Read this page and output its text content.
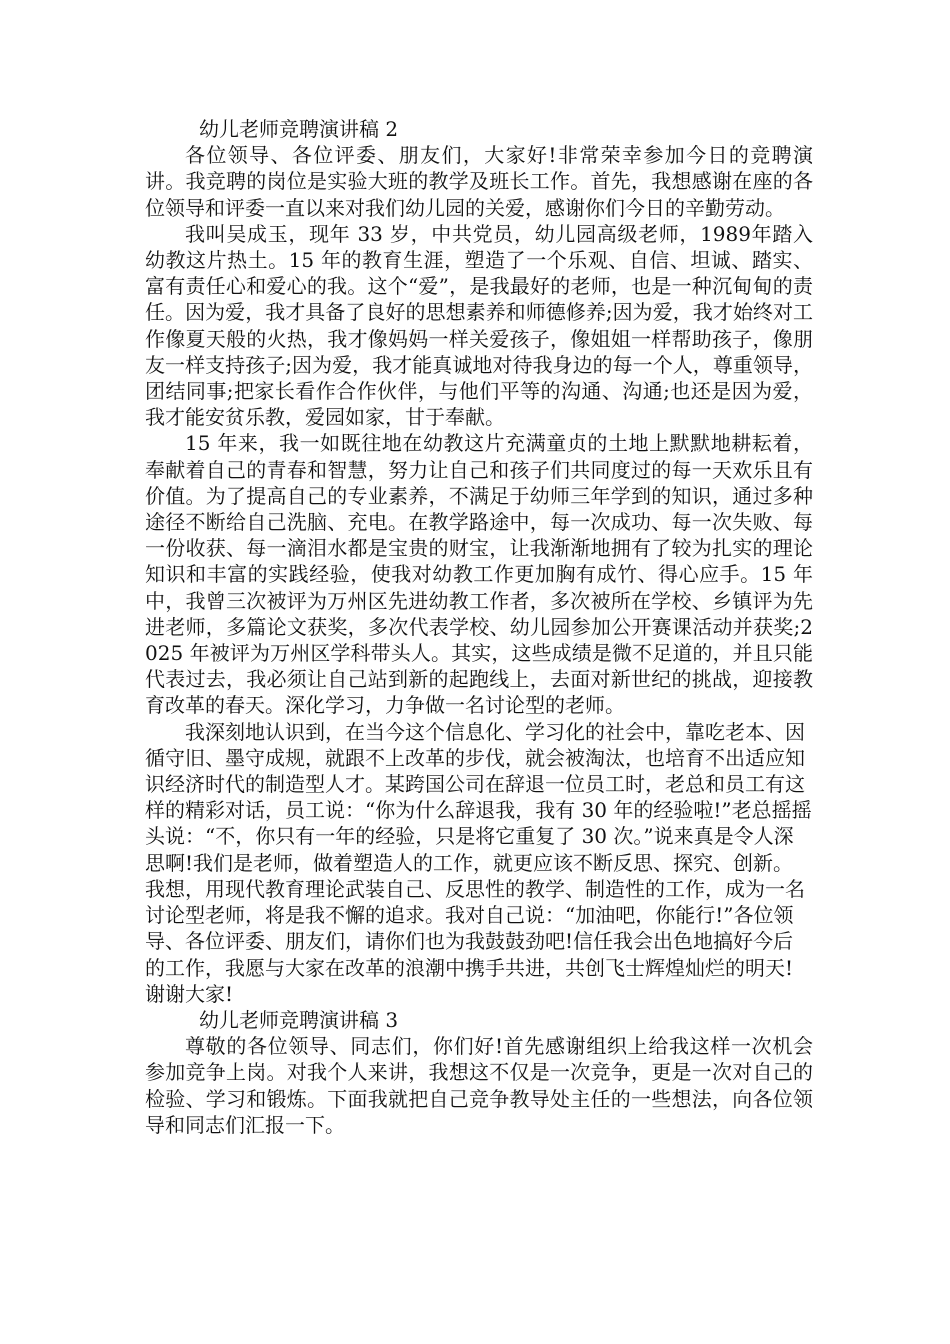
幼儿老师竞聘演讲稿 2

各位领导、各位评委、朋友们，大家好!非常荣幸参加今日的竞聘演讲。我竞聘的岗位是实验大班的教学及班长工作。首先，我想感谢在座的各位领导和评委一直以来对我们幼儿园的关爱，感谢你们今日的辛勤劳动。

我叫吴成玉，现年 33 岁，中共党员，幼儿园高级老师，1989年踏入幼教这片热土。15 年的教育生涯，塑造了一个乐观、自信、坦诚、踏实、富有责任心和爱心的我。这个“爱”，是我最好的老师，也是一种沉甸甸的责任。因为爱，我才具备了良好的思想素养和师德修养;因为爱，我才始终对工作像夏天般的火热，我才像妈妈一样关爱孩子，像姐姐一样帮助孩子，像朋友一样支持孩子;因为爱，我才能真诚地对待我身边的每一个人，尊重领导，团结同事;把家长看作合作伙伴，与他们平等的沟通、沟通;也还是因为爱，我才能安贫乐教，爱园如家，甘于奉献。

15 年来，我一如既往地在幼教这片充满童贞的土地上默默地耕耘着，奉献着自己的青春和智慧，努力让自己和孩子们共同度过的每一天欢乐且有价值。为了提高自己的专业素养，不满足于幼师三年学到的知识，通过多种途径不断给自己洗脑、充电。在教学路途中，每一次成功、每一次失败、每一份收获、每一滴泪水都是宝贵的财宝，让我渐渐地拥有了较为扎实的理论知识和丰富的实践经验，使我对幼教工作更加胸有成竹、得心应手。15 年中，我曾三次被评为万州区先进幼教工作者，多次被所在学校、乡镇评为先进老师，多篇论文获奖，多次代表学校、幼儿园参加公开赛课活动并获奖;2025 年被评为万州区学科带头人。其实，这些成绩是微不足道的，并且只能代表过去，我必须让自己站到新的起跑线上，去面对新世纪的挑战，迎接教育改革的春天。深化学习，力争做一名讨论型的老师。

我深刻地认识到，在当今这个信息化、学习化的社会中，靠吃老本、因循守旧、墨守成规，就跟不上改革的步伐，就会被淘汰，也培育不出适应知识经济时代的制造型人才。某跨国公司在辞退一位员工时，老总和员工有这样的精彩对话，员工说：“你为什么辞退我，我有 30 年的经验啦!”老总摇摇头说：“不，你只有一年的经验，只是将它重复了 30 次。”说来真是令人深思啊!我们是老师，做着塑造人的工作，就更应该不断反思、探究、创新。我想，用现代教育理论武装自己、反思性的教学、制造性的工作，成为一名讨论型老师，将是我不懈的追求。我对自己说：“加油吧，你能行!”各位领导、各位评委、朋友们，请你们也为我鼓鼓劲吧!信任我会出色地搞好今后的工作，我愿与大家在改革的浪潮中携手共进，共创飞士辉煌灿烂的明天!谢谢大家!

幼儿老师竞聘演讲稿 3

尊敬的各位领导、同志们，你们好!首先感谢组织上给我这样一次机会参加竞争上岗。对我个人来讲，我想这不仅是一次竞争，更是一次对自己的检验、学习和锻炼。下面我就把自己竞争教导处主任的一些想法，向各位领导和同志们汇报一下。
